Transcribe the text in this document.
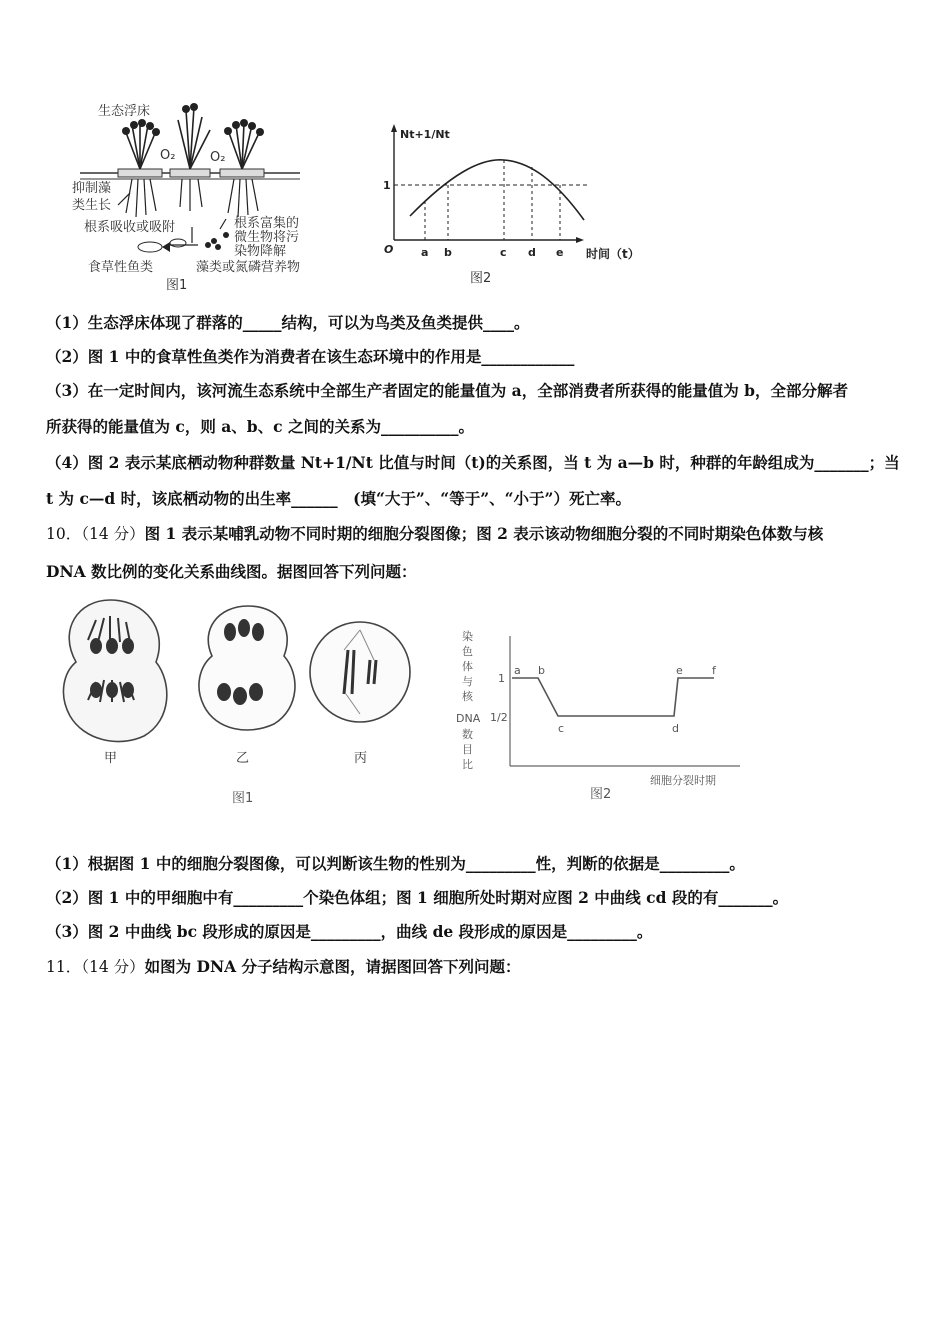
生态浮床
抑制藻
类生长
根系吸收或吸附	根系富集的
微生物将污
染物降解
食草性鱼类	藻类或氮磷营养物
O₂	O₂
图1
Nt+1/Nt
1
O	a b	c d e 时间（t）
图2
（1）生态浮床体现了群落的_____结构，可以为鸟类及鱼类提供____。
（2）图 1 中的食草性鱼类作为消费者在该生态环境中的作用是____________
（3）在一定时间内，该河流生态系统中全部生产者固定的能量值为 a，全部消费者所获得的能量值为 b，全部分解者
所获得的能量值为 c，则 a、b、c 之间的关系为__________。
（4）图 2 表示某底栖动物种群数量 Nt+1/Nt 比值与时间（t)的关系图，当 t 为 a—b 时，种群的年龄组成为_______；当
t 为 c—d 时，该底栖动物的出生率______　(填“大于”、“等于”、“小于”）死亡率。
10．（14 分）图 1 表示某哺乳动物不同时期的细胞分裂图像；图 2 表示该动物细胞分裂的不同时期染色体数与核
DNA 数比例的变化关系曲线图。据图回答下列问题：
甲	乙	丙
图1
染
色
体
与
核
DNA
数
目
比
1
1/2
a b
c	d
e	f
细胞分裂时期
图2
（1）根据图 1 中的细胞分裂图像，可以判断该生物的性别为_________性，判断的依据是_________。
（2）图 1 中的甲细胞中有_________个染色体组；图 1 细胞所处时期对应图 2 中曲线 cd 段的有_______。
（3）图 2 中曲线 bc 段形成的原因是_________，曲线 de 段形成的原因是_________。
11．（14 分）如图为 DNA 分子结构示意图，请据图回答下列问题：
